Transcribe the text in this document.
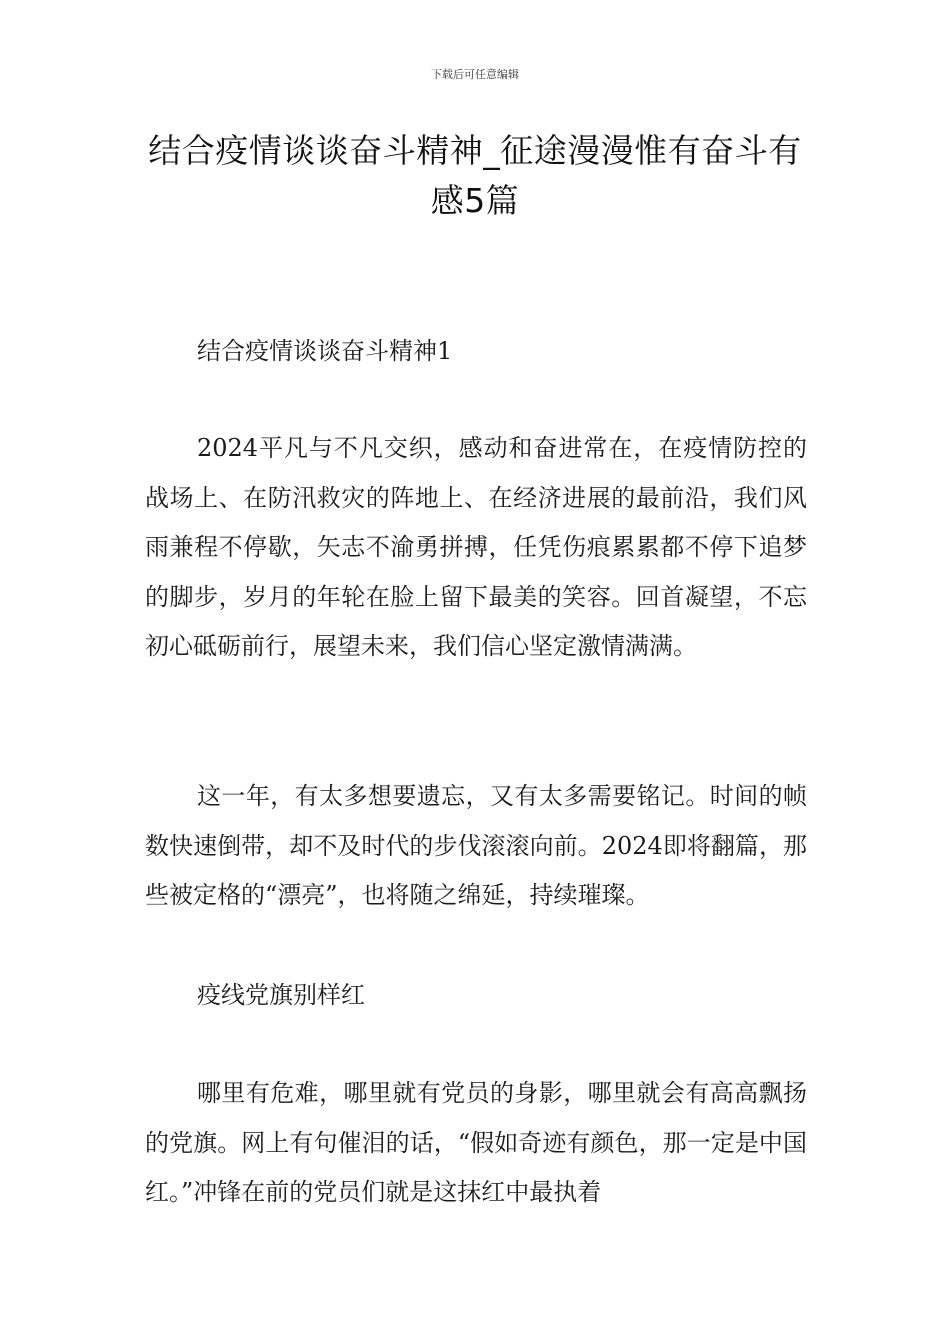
下载后可任意编辑
结合疫情谈谈奋斗精神_征途漫漫惟有奋斗有感5篇

结合疫情谈谈奋斗精神1

2024平凡与不凡交织，感动和奋进常在，在疫情防控的战场上、在防汛救灾的阵地上、在经济进展的最前沿，我们风雨兼程不停歇，矢志不渝勇拼搏，任凭伤痕累累都不停下追梦的脚步，岁月的年轮在脸上留下最美的笑容。回首凝望，不忘初心砥砺前行，展望未来，我们信心坚定激情满满。

这一年，有太多想要遗忘，又有太多需要铭记。时间的帧数快速倒带，却不及时代的步伐滚滚向前。2024即将翻篇，那些被定格的“漂亮”，也将随之绵延，持续璀璨。

疫线党旗别样红

哪里有危难，哪里就有党员的身影，哪里就会有高高飘扬的党旗。网上有句催泪的话，“假如奇迹有颜色，那一定是中国红。”冲锋在前的党员们就是这抹红中最执着
